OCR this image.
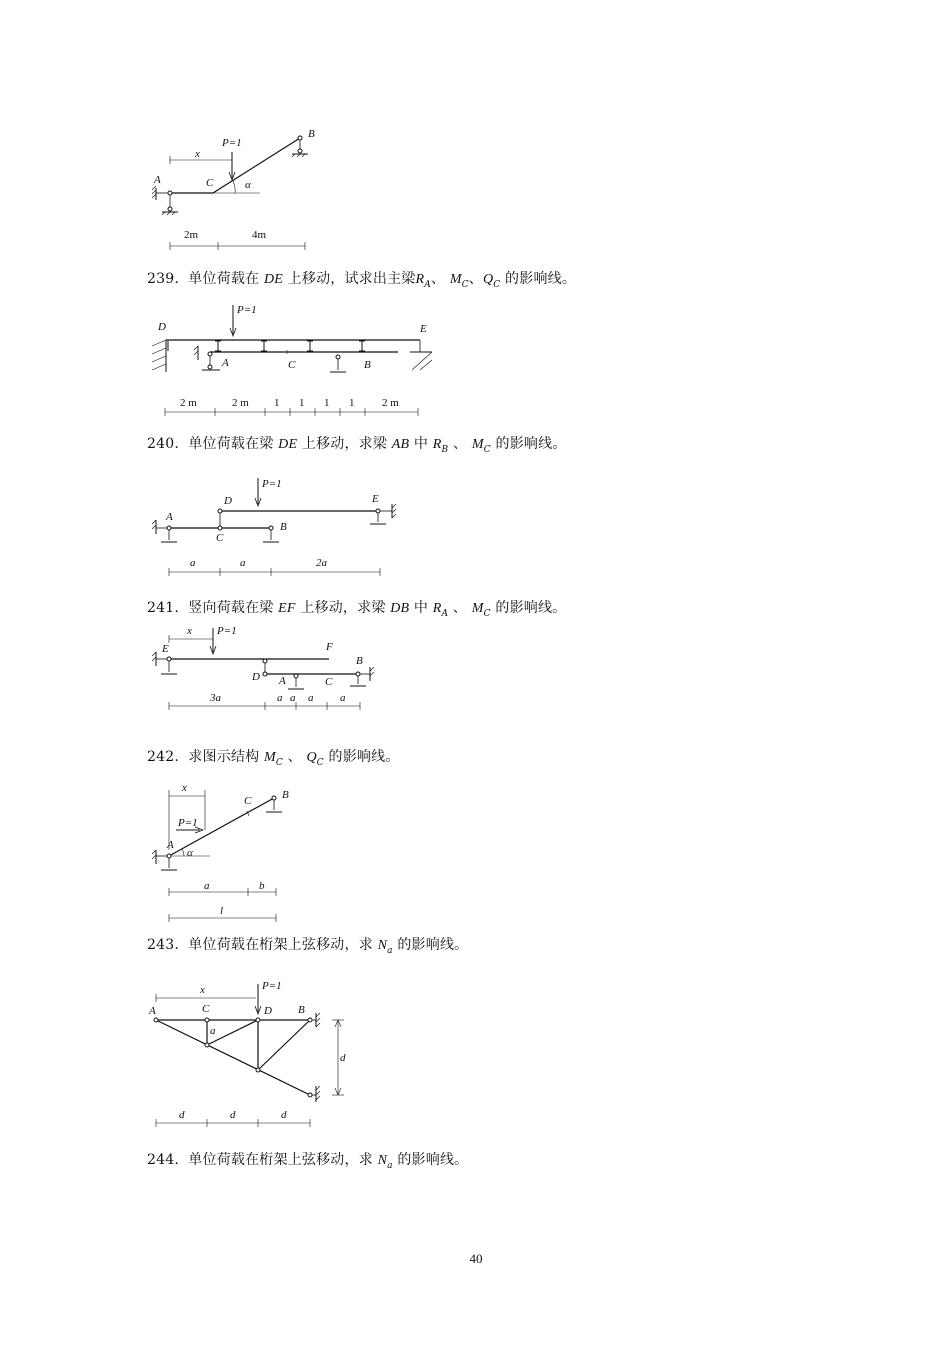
P=1
x
A	C
B
α
2m	4m
239. 单位荷载在 DE 上移动，试求出主梁$R_A$、 $M_C$、$Q_C$ 的影响线。
P=1
D	E
A	C	B
2 m	2 m 1 1 1 1	2 m
240. 单位荷载在梁 DE 上移动，求梁 AB 中 $R_B$ 、 $M_C$ 的影响线。
P=1
D	E
A
C
B
a	a	2a
241. 竖向荷载在梁 EF 上移动，求梁 DB 中 $R_A$ 、 $M_C$ 的影响线。
x P=1
E	F
D A	C
B
3a	a a a a
242. 求图示结构 $M_C$ 、 $Q_C$ 的影响线。
x
P=1
A
α
C	B
a	b
l
243. 单位荷载在桁架上弦移动，求 $N_a$ 的影响线。
x	P=1
A	C	D B
a
d
d	d	d
244. 单位荷载在桁架上弦移动，求 $N_a$ 的影响线。
40
